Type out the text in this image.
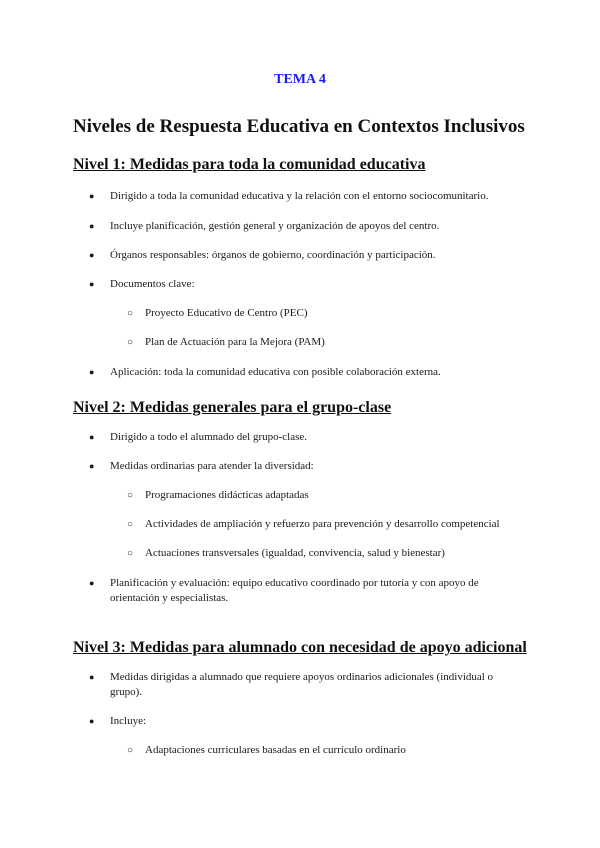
TEMA 4
Niveles de Respuesta Educativa en Contextos Inclusivos
Nivel 1: Medidas para toda la comunidad educativa
● Dirigido a toda la comunidad educativa y la relación con el entorno sociocomunitario.
● Incluye planificación, gestión general y organización de apoyos del centro.
● Órganos responsables: órganos de gobierno, coordinación y participación.
● Documentos clave:
○ Proyecto Educativo de Centro (PEC)
○ Plan de Actuación para la Mejora (PAM)
● Aplicación: toda la comunidad educativa con posible colaboración externa.
Nivel 2: Medidas generales para el grupo-clase
● Dirigido a todo el alumnado del grupo-clase.
● Medidas ordinarias para atender la diversidad:
○ Programaciones didácticas adaptadas
○ Actividades de ampliación y refuerzo para prevención y desarrollo competencial
○ Actuaciones transversales (igualdad, convivencia, salud y bienestar)
● Planificación y evaluación: equipo educativo coordinado por tutoría y con apoyo de orientación y especialistas.
Nivel 3: Medidas para alumnado con necesidad de apoyo adicional
● Medidas dirigidas a alumnado que requiere apoyos ordinarios adicionales (individual o grupo).
● Incluye:
○ Adaptaciones curriculares basadas en el currículo ordinario
